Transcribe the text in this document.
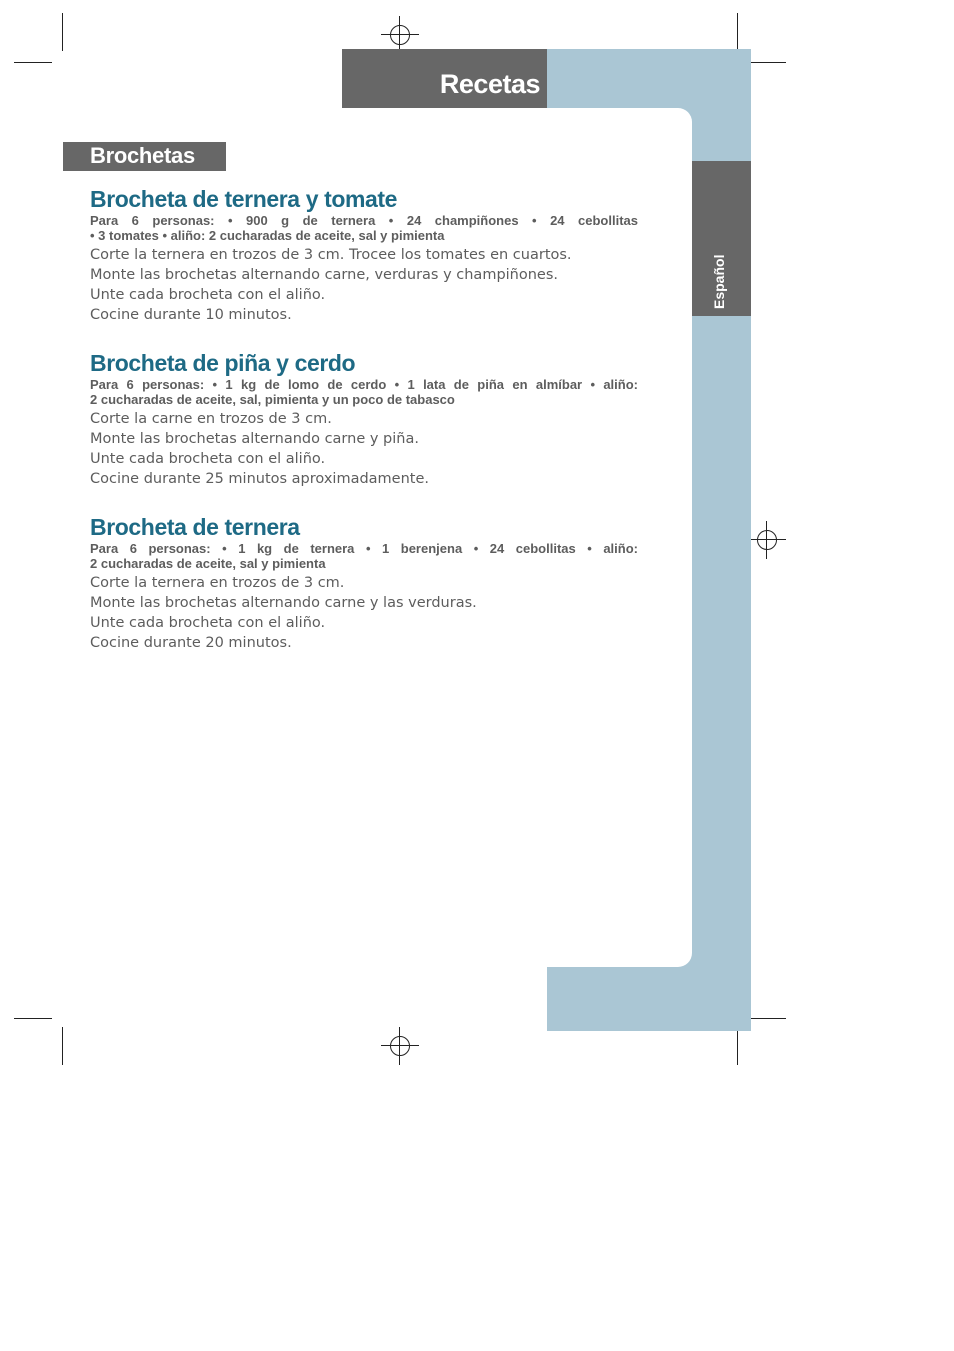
Recetas
Español
Brochetas
Brocheta de ternera y tomate

Para 6 personas: • 900 g de ternera • 24 champiñones • 24 cebollitas
• 3 tomates • aliño: 2 cucharadas de aceite, sal y pimienta

Corte la ternera en trozos de 3 cm. Trocee los tomates en cuartos.
Monte las brochetas alternando carne, verduras y champiñones.
Unte cada brocheta con el aliño.
Cocine durante 10 minutos.
Brocheta de piña y cerdo

Para 6 personas: • 1 kg de lomo de cerdo • 1 lata de piña en almíbar • aliño:
2 cucharadas de aceite, sal, pimienta y un poco de tabasco

Corte la carne en trozos de 3 cm.
Monte las brochetas alternando carne y piña.
Unte cada brocheta con el aliño.
Cocine durante 25 minutos aproximadamente.
Brocheta de ternera

Para 6 personas: • 1 kg de ternera • 1 berenjena • 24 cebollitas • aliño:
2 cucharadas de aceite, sal y pimienta

Corte la ternera en trozos de 3 cm.
Monte las brochetas alternando carne y las verduras.
Unte cada brocheta con el aliño.
Cocine durante 20 minutos.
